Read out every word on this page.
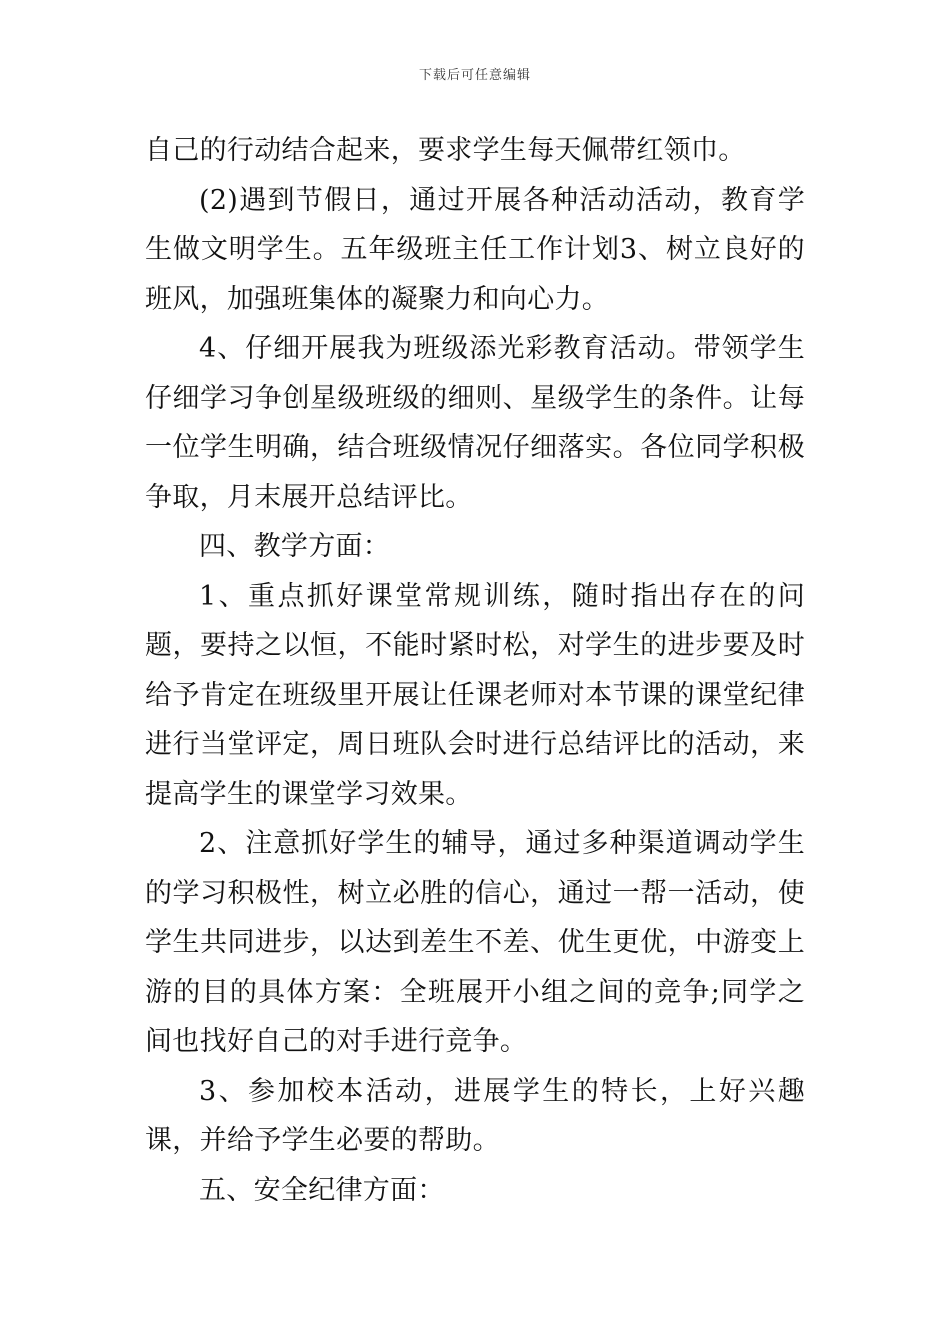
下载后可任意编辑

自己的行动结合起来，要求学生每天佩带红领巾。

(2)遇到节假日，通过开展各种活动活动，教育学生做文明学生。五年级班主任工作计划3、树立良好的班风，加强班集体的凝聚力和向心力。

4、仔细开展我为班级添光彩教育活动。带领学生仔细学习争创星级班级的细则、星级学生的条件。让每一位学生明确，结合班级情况仔细落实。各位同学积极争取，月末展开总结评比。

四、教学方面：

1、重点抓好课堂常规训练，随时指出存在的问题，要持之以恒，不能时紧时松，对学生的进步要及时给予肯定在班级里开展让任课老师对本节课的课堂纪律进行当堂评定，周日班队会时进行总结评比的活动，来提高学生的课堂学习效果。

2、注意抓好学生的辅导，通过多种渠道调动学生的学习积极性，树立必胜的信心，通过一帮一活动，使学生共同进步，以达到差生不差、优生更优，中游变上游的目的具体方案：全班展开小组之间的竞争;同学之间也找好自己的对手进行竞争。

3、参加校本活动，进展学生的特长，上好兴趣课，并给予学生必要的帮助。

五、安全纪律方面：
